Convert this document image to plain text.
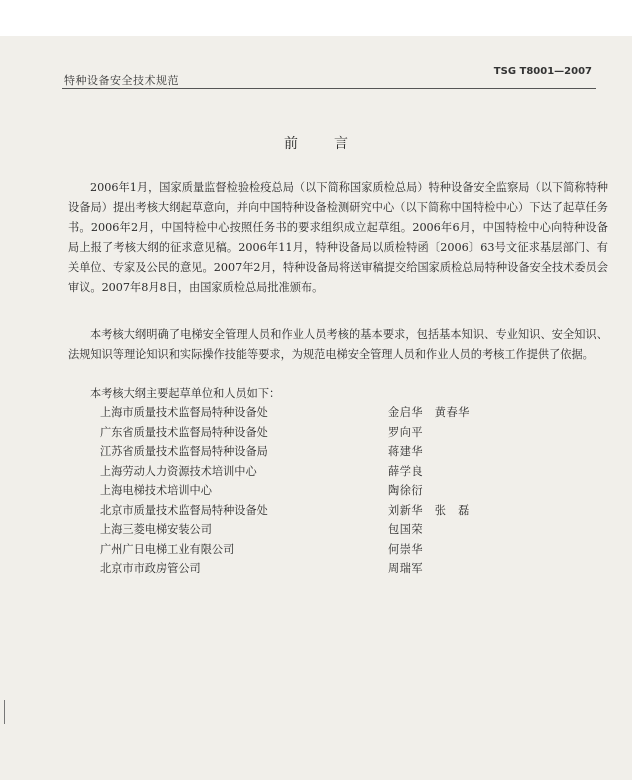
特种设备安全技术规范
TSG T8001—2007
前言

2006年1月，国家质量监督检验检疫总局（以下简称国家质检总局）特种设备安全监察局（以下简称特种设备局）提出考核大纲起草意向，并向中国特种设备检测研究中心（以下简称中国特检中心）下达了起草任务书。2006年2月，中国特检中心按照任务书的要求组织成立起草组。2006年6月，中国特检中心向特种设备局上报了考核大纲的征求意见稿。2006年11月，特种设备局以质检特函〔2006〕63号文征求基层部门、有关单位、专家及公民的意见。2007年2月，特种设备局将送审稿提交给国家质检总局特种设备安全技术委员会审议。2007年8月8日，由国家质检总局批准颁布。

本考核大纲明确了电梯安全管理人员和作业人员考核的基本要求，包括基本知识、专业知识、安全知识、法规知识等理论知识和实际操作技能等要求，为规范电梯安全管理人员和作业人员的考核工作提供了依据。

本考核大纲主要起草单位和人员如下：

上海市质量技术监督局特种设备处	金启华　黄春华
广东省质量技术监督局特种设备处	罗向平
江苏省质量技术监督局特种设备局	蒋建华
上海劳动人力资源技术培训中心	薛学良
上海电梯技术培训中心	陶徐衍
北京市质量技术监督局特种设备处	刘新华　张　磊
上海三菱电梯安装公司	包国荣
广州广日电梯工业有限公司	何崇华
北京市市政房管公司	周瑞军
